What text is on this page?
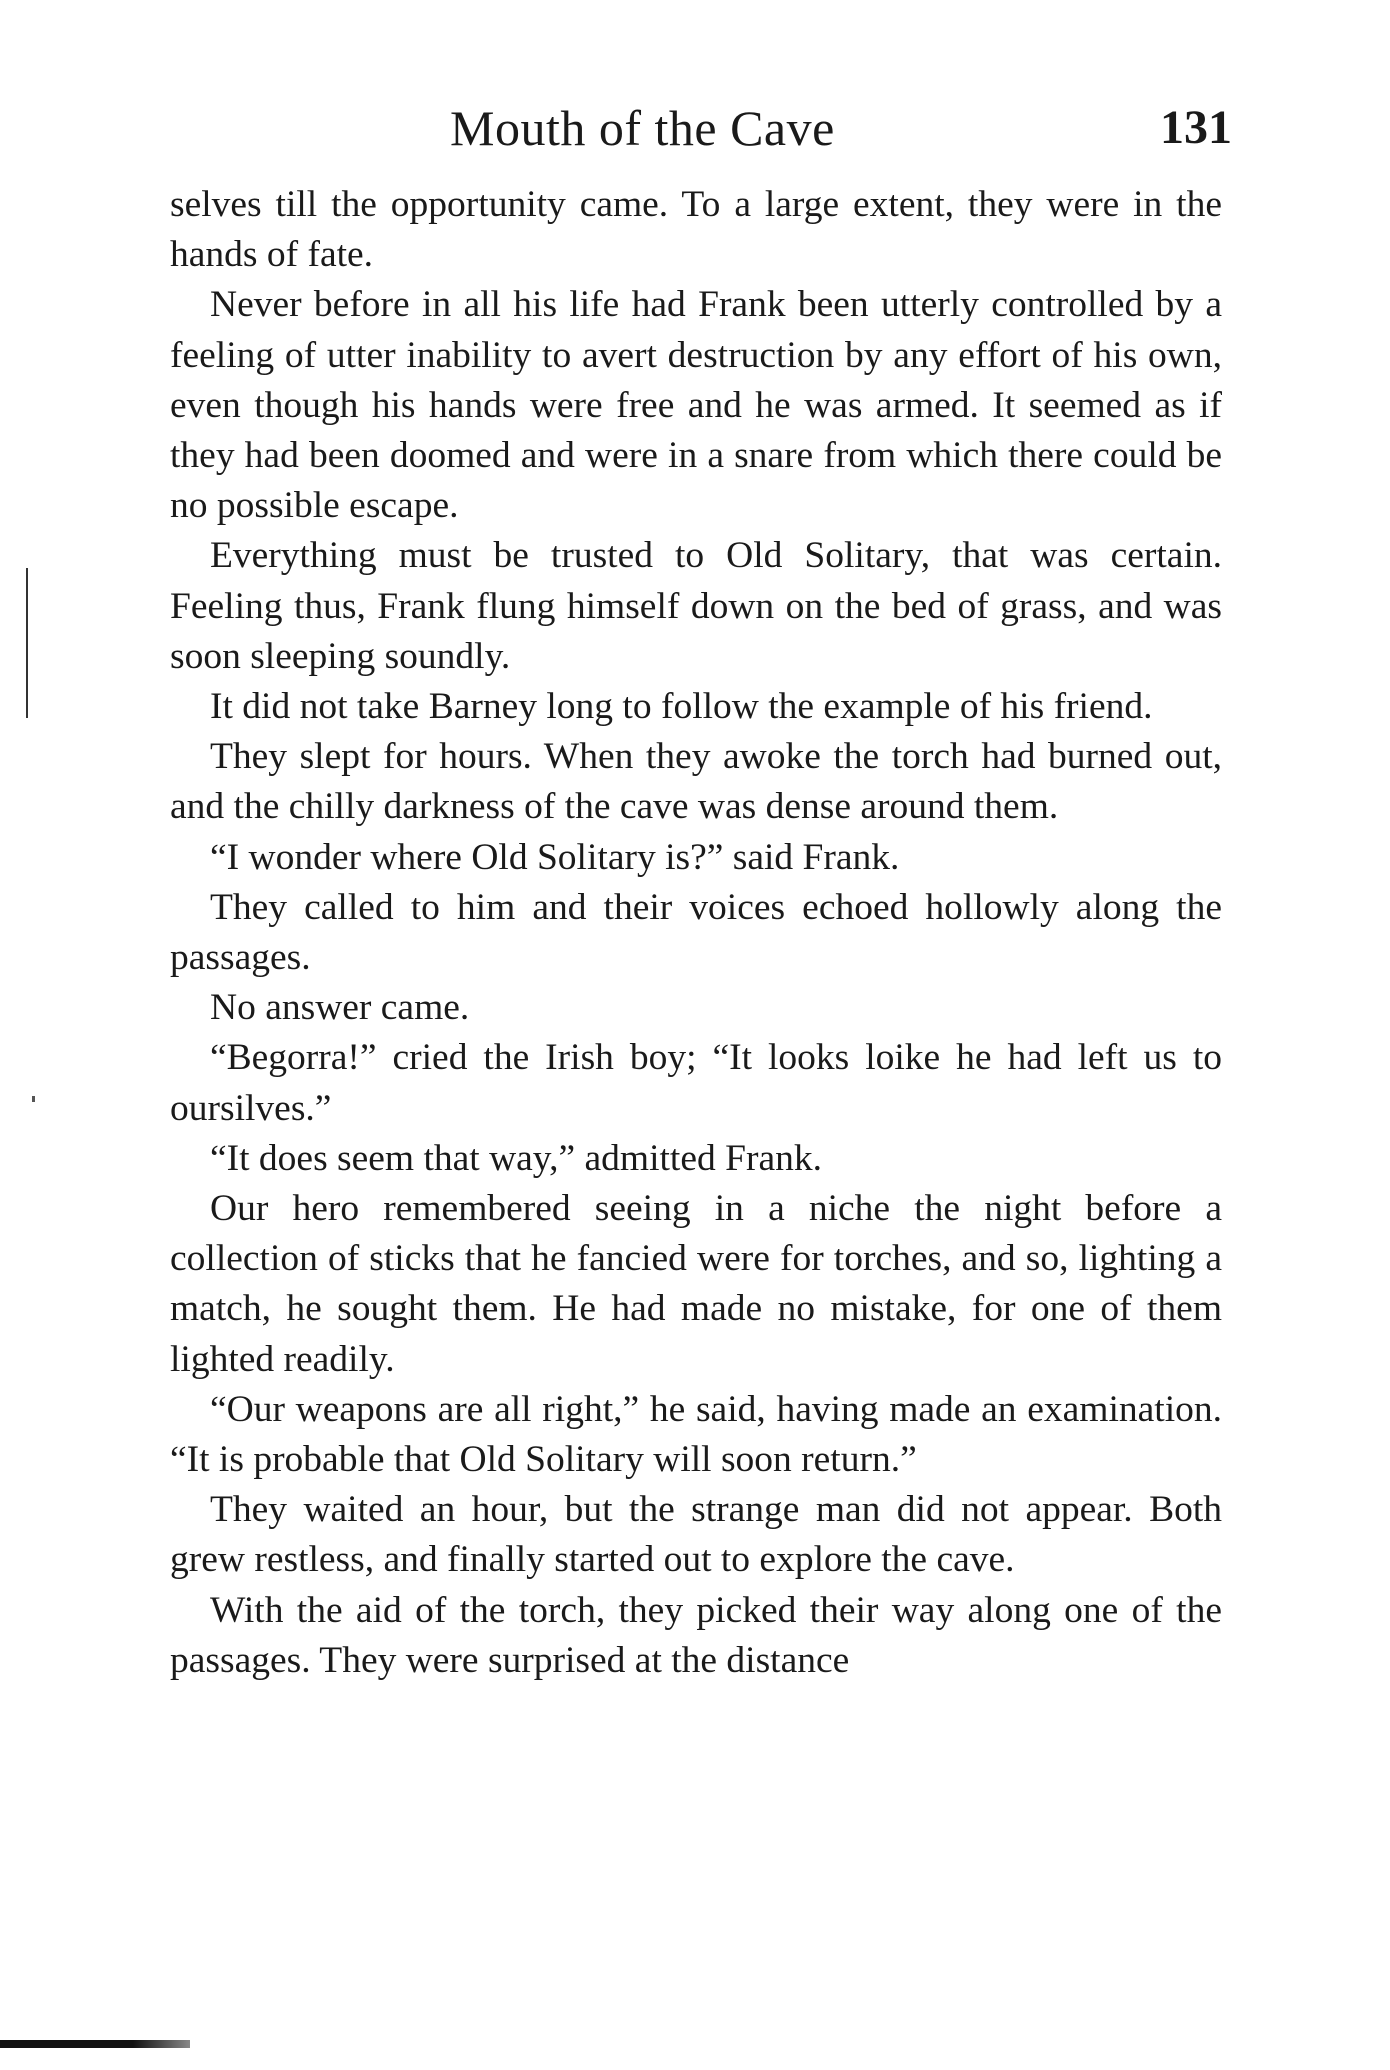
Mouth of the Cave	131

selves till the opportunity came. To a large extent, they were in the hands of fate.

Never before in all his life had Frank been utterly controlled by a feeling of utter inability to avert destruction by any effort of his own, even though his hands were free and he was armed. It seemed as if they had been doomed and were in a snare from which there could be no possible escape.

Everything must be trusted to Old Solitary, that was certain. Feeling thus, Frank flung himself down on the bed of grass, and was soon sleeping soundly.

It did not take Barney long to follow the example of his friend.

They slept for hours. When they awoke the torch had burned out, and the chilly darkness of the cave was dense around them.

“I wonder where Old Solitary is?” said Frank.

They called to him and their voices echoed hollowly along the passages.

No answer came.

“Begorra!” cried the Irish boy; “It looks loike he had left us to oursilves.”

“It does seem that way,” admitted Frank.

Our hero remembered seeing in a niche the night before a collection of sticks that he fancied were for torches, and so, lighting a match, he sought them. He had made no mistake, for one of them lighted readily.

“Our weapons are all right,” he said, having made an examination. “It is probable that Old Solitary will soon return.”

They waited an hour, but the strange man did not appear. Both grew restless, and finally started out to explore the cave.

With the aid of the torch, they picked their way along one of the passages. They were surprised at the distance
